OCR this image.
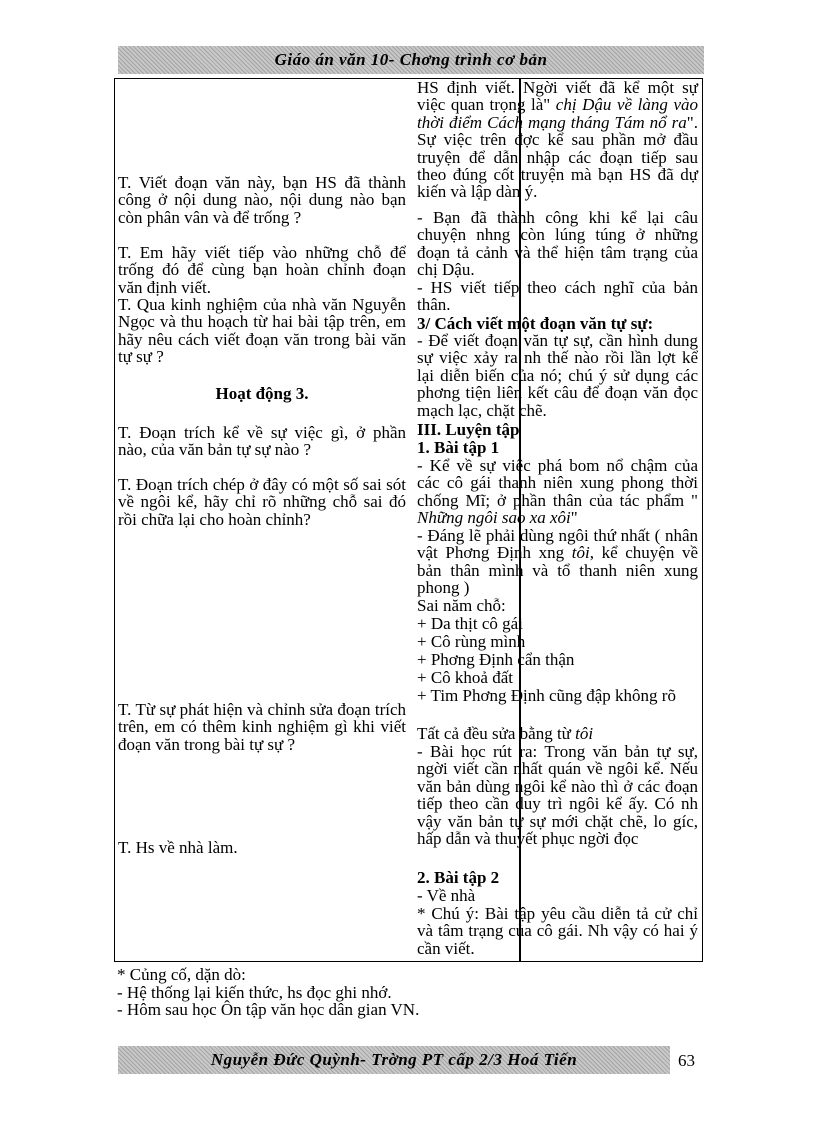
Giáo án văn 10- Chơng trình cơ bản
T. Viết đoạn văn này, bạn HS đã thành công ở nội dung nào, nội dung nào bạn còn phân vân và để trống ?
T. Em hãy viết tiếp vào những chỗ để trống đó để cùng bạn hoàn chỉnh đoạn văn định viết.
T. Qua kinh nghiệm của nhà văn Nguyễn Ngọc và thu hoạch từ hai bài tập trên, em hãy nêu cách viết đoạn văn trong bài văn tự sự ?
Hoạt động 3.
T. Đoạn trích kể về sự việc gì, ở phần nào, của văn bản tự sự nào ?
T. Đoạn trích chép ở đây có một số sai sót về ngôi kể, hãy chỉ rõ những chỗ sai đó rồi chữa lại cho hoàn chỉnh?
T. Từ sự phát hiện và chỉnh sửa đoạn trích trên, em có thêm kinh nghiệm gì khi viết đoạn văn trong bài tự sự ?
T. Hs về nhà làm.
HS định viết. Ngời viết đã kể một sự việc quan trọng là" chị Dậu về làng vào thời điểm Cách mạng tháng Tám nổ ra". Sự việc trên đợc kể sau phần mở đầu truyện để dẫn nhập các đoạn tiếp sau theo đúng cốt truyện mà bạn HS đã dự kiến và lập dàn ý.
- Bạn đã thành công khi kể lại câu chuyện nhng còn lúng túng ở những đoạn tả cảnh và thể hiện tâm trạng của chị Dậu.
- HS viết tiếp theo cách nghĩ của bản thân.
3/ Cách viết một đoạn văn tự sự:
- Để viết đoạn văn tự sự, cần hình dung sự việc xảy ra nh thế nào rồi lần lợt kể lại diễn biến của nó; chú ý sử dụng các phơng tiện liên kết câu để đoạn văn đọc mạch lạc, chặt chẽ.
III. Luyện tập
1. Bài tập 1
- Kể về sự việc phá bom nổ chậm của các cô gái thanh niên xung phong thời chống Mĩ; ở phần thân của tác phẩm " Những ngôi sao xa xôi"
- Đáng lẽ phải dùng ngôi thứ nhất ( nhân vật Phơng Định xng tôi, kể chuyện về bản thân mình và tổ thanh niên xung phong )
Sai năm chỗ:
+ Da thịt cô gái
+ Cô rùng mình
+ Phơng Định cẩn thận
+ Cô khoả đất
+ Tim Phơng Định cũng đập không rõ
Tất cả đều sửa bằng từ tôi
- Bài học rút ra: Trong văn bản tự sự, ngời viết cần nhất quán về ngôi kể. Nếu văn bản dùng ngôi kể nào thì ở các đoạn tiếp theo cần duy trì ngôi kể ấy. Có nh vậy văn bản tự sự mới chặt chẽ, lo gíc, hấp dẫn và thuyết phục ngời đọc
2. Bài tập 2
- Về nhà
* Chú ý: Bài tập yêu cầu diễn tả cử chỉ và tâm trạng của cô gái. Nh vậy có hai ý cần viết.
* Củng cố, dặn dò:
- Hệ thống lại kiến thức, hs đọc ghi nhớ.
- Hôm sau học Ôn tập văn học dân gian VN.
Nguyễn Đức Quỳnh- Trờng PT cấp 2/3 Hoá Tiến	63
